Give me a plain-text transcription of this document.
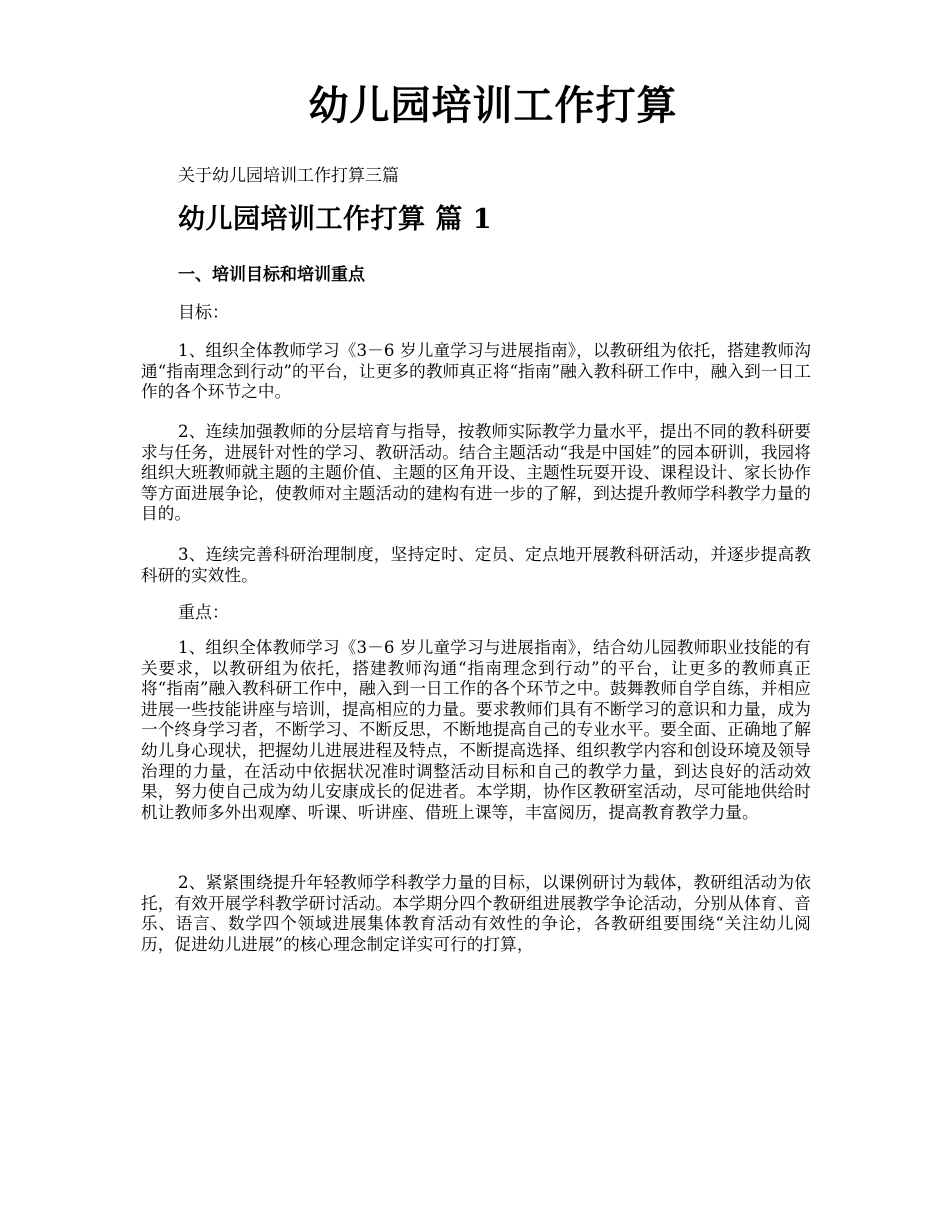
幼儿园培训工作打算
关于幼儿园培训工作打算三篇
幼儿园培训工作打算 篇 1
一、培训目标和培训重点
目标：

1、组织全体教师学习《3－6 岁儿童学习与进展指南》，以教研组为依托，搭建教师沟通“指南理念到行动”的平台，让更多的教师真正将“指南”融入教科研工作中，融入到一日工作的各个环节之中。

2、连续加强教师的分层培育与指导，按教师实际教学力量水平，提出不同的教科研要求与任务，进展针对性的学习、教研活动。结合主题活动“我是中国娃”的园本研训，我园将组织大班教师就主题的主题价值、主题的区角开设、主题性玩耍开设、课程设计、家长协作等方面进展争论，使教师对主题活动的建构有进一步的了解，到达提升教师学科教学力量的目的。

3、连续完善科研治理制度，坚持定时、定员、定点地开展教科研活动，并逐步提高教科研的实效性。

重点：

1、组织全体教师学习《3－6 岁儿童学习与进展指南》，结合幼儿园教师职业技能的有关要求，以教研组为依托，搭建教师沟通“指南理念到行动”的平台，让更多的教师真正将“指南”融入教科研工作中，融入到一日工作的各个环节之中。鼓舞教师自学自练，并相应进展一些技能讲座与培训，提高相应的力量。要求教师们具有不断学习的意识和力量，成为一个终身学习者，不断学习、不断反思，不断地提高自己的专业水平。要全面、正确地了解幼儿身心现状，把握幼儿进展进程及特点，不断提高选择、组织教学内容和创设环境及领导治理的力量，在活动中依据状况准时调整活动目标和自己的教学力量，到达良好的活动效果，努力使自己成为幼儿安康成长的促进者。本学期，协作区教研室活动，尽可能地供给时机让教师多外出观摩、听课、听讲座、借班上课等，丰富阅历，提高教育教学力量。

2、紧紧围绕提升年轻教师学科教学力量的目标，以课例研讨为载体，教研组活动为依托，有效开展学科教学研讨活动。本学期分四个教研组进展教学争论活动，分别从体育、音乐、语言、数学四个领域进展集体教育活动有效性的争论，各教研组要围绕“关注幼儿阅历，促进幼儿进展”的核心理念制定详实可行的打算，
